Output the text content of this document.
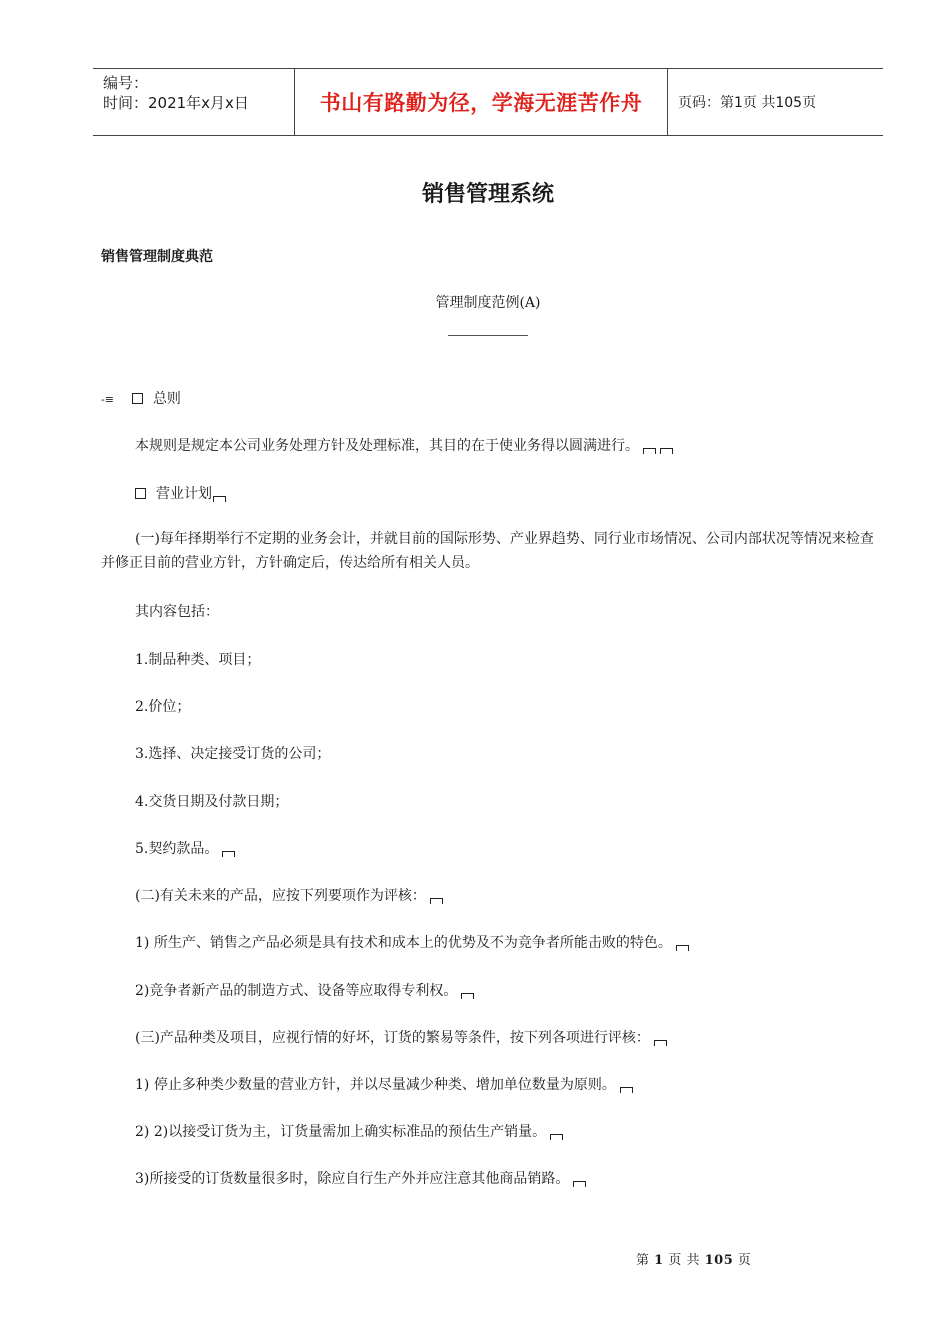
编号：
时间：2021年x月x日	书山有路勤为径，学海无涯苦作舟	页码：第1页 共105页
销售管理系统
销售管理制度典范
管理制度范例(A)
-≡	总则
本规则是规定本公司业务处理方针及处理标准，其目的在于使业务得以圆满进行。
营业计划
(一)每年择期举行不定期的业务会计，并就目前的国际形势、产业界趋势、同行业市场情况、公司内部状况等情况来检查并修正目前的营业方针，方针确定后，传达给所有相关人员。
其内容包括：
1.制品种类、项目；
2.价位；
3.选择、决定接受订货的公司；
4.交货日期及付款日期；
5.契约款品。
(二)有关未来的产品，应按下列要项作为评核：
1) 所生产、销售之产品必须是具有技术和成本上的优势及不为竞争者所能击败的特色。
2)竞争者新产品的制造方式、设备等应取得专利权。
(三)产品种类及项目，应视行情的好坏，订货的繁易等条件，按下列各项进行评核：
1) 停止多种类少数量的营业方针，并以尽量减少种类、增加单位数量为原则。
2) 2)以接受订货为主，订货量需加上确实标准品的预估生产销量。
3)所接受的订货数量很多时，除应自行生产外并应注意其他商品销路。
第 1 页 共 105 页
